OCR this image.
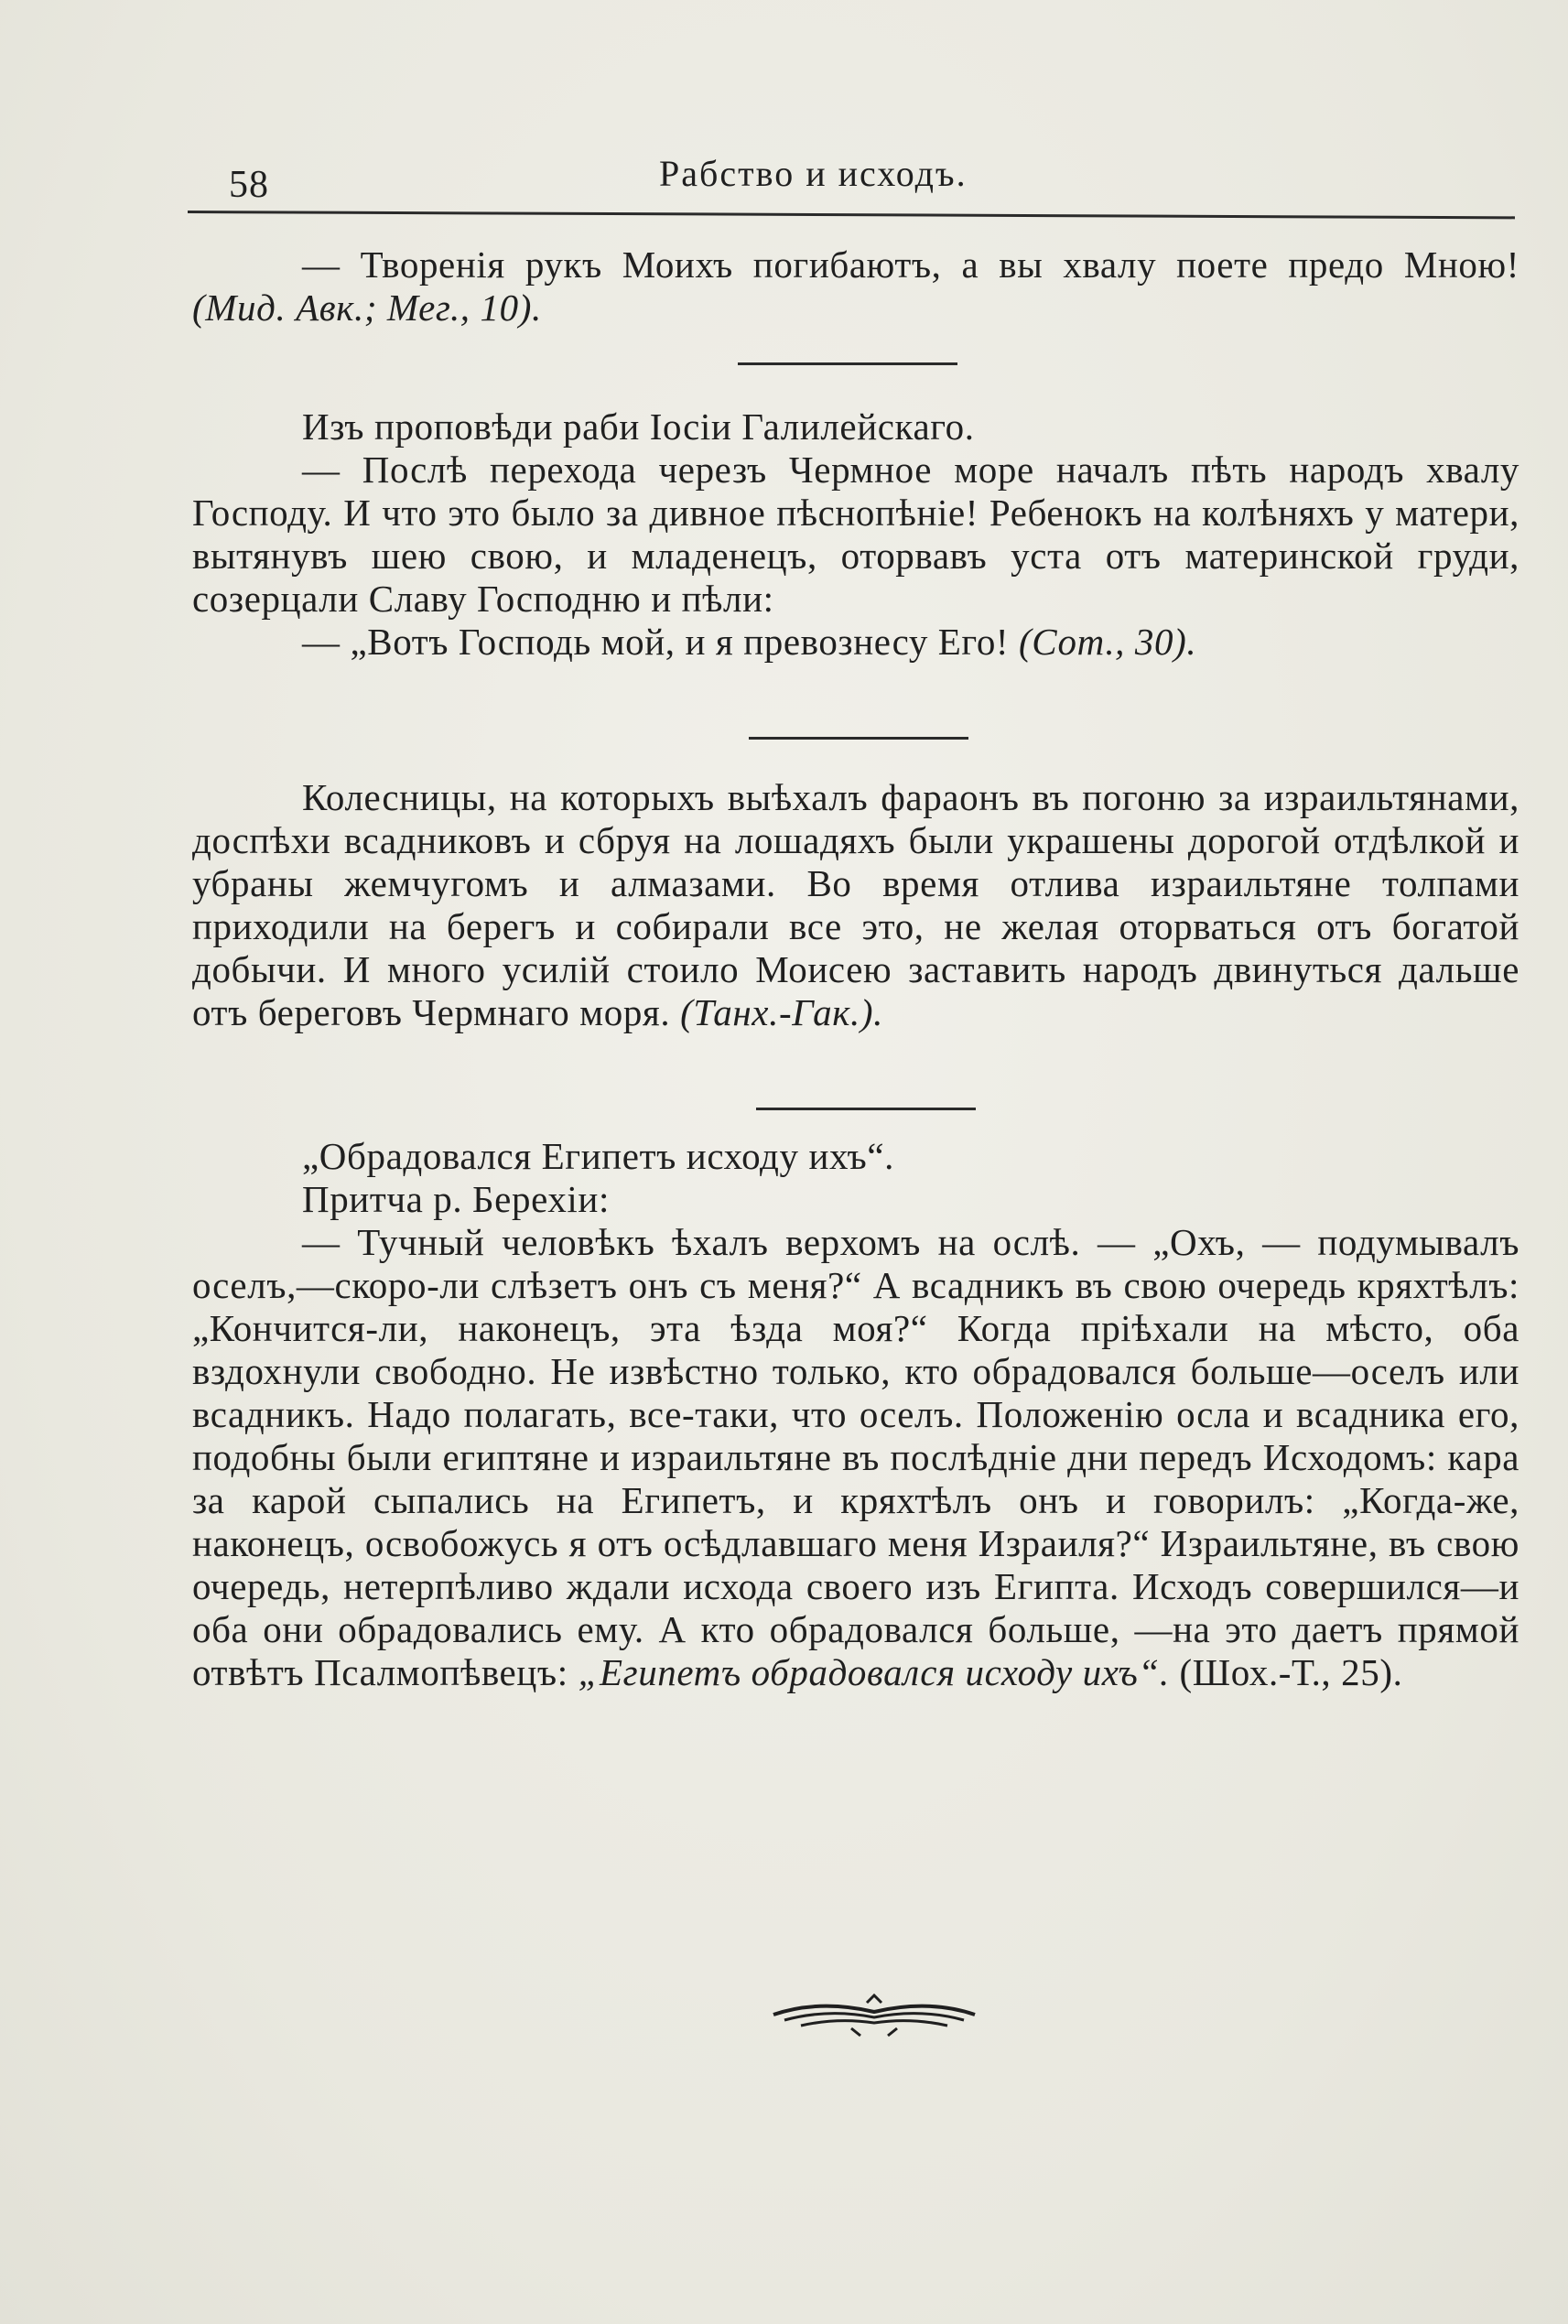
58	Рабство и исходъ.

— Творенія рукъ Моихъ погибаютъ, а вы хвалу поете предо Мною! (Мид. Авк.; Мег., 10).

Изъ проповѣди раби Іосіи Галилейскаго.

— Послѣ перехода черезъ Чермное море началъ пѣть народъ хвалу Господу. И что это было за дивное пѣснопѣніе! Ребенокъ на колѣняхъ у матери, вытянувъ шею свою, и младенецъ, оторвавъ уста отъ материнской груди, созерцали Славу Господню и пѣли:

— „Вотъ Господь мой, и я превознесу Его! (Сот., 30).

Колесницы, на которыхъ выѣхалъ фараонъ въ погоню за израильтянами, доспѣхи всадниковъ и сбруя на лошадяхъ были украшены дорогой отдѣлкой и убраны жемчугомъ и алмазами. Во время отлива израильтяне толпами приходили на берегъ и собирали все это, не желая оторваться отъ богатой добычи. И много усилій стоило Моисею заставить народъ двинуться дальше отъ береговъ Чермнаго моря. (Танх.-Гак.).

„Обрадовался Египетъ исходу ихъ“.

Притча р. Берехіи:

— Тучный человѣкъ ѣхалъ верхомъ на ослѣ. — „Охъ, — подумывалъ оселъ,—скоро-ли слѣзетъ онъ съ меня?“ А всадникъ въ свою очередь кряхтѣлъ: „Кончится-ли, наконецъ, эта ѣзда моя?“ Когда пріѣхали на мѣсто, оба вздохнули свободно. Не извѣстно только, кто обрадовался больше—оселъ или всадникъ. Надо полагать, все-таки, что оселъ. Положенію осла и всадника его, подобны были египтяне и израильтяне въ послѣдніе дни передъ Исходомъ: кара за карой сыпались на Египетъ, и кряхтѣлъ онъ и говорилъ: „Когда-же, наконецъ, освобожусь я отъ осѣдлавшаго меня Израиля?“ Израильтяне, въ свою очередь, нетерпѣливо ждали исхода своего изъ Египта. Исходъ совершился—и оба они обрадовались ему. А кто обрадовался больше, —на это даетъ прямой отвѣтъ Псалмопѣвецъ: „Египетъ обрадовался исходу ихъ“. (Шох.-Т., 25).
